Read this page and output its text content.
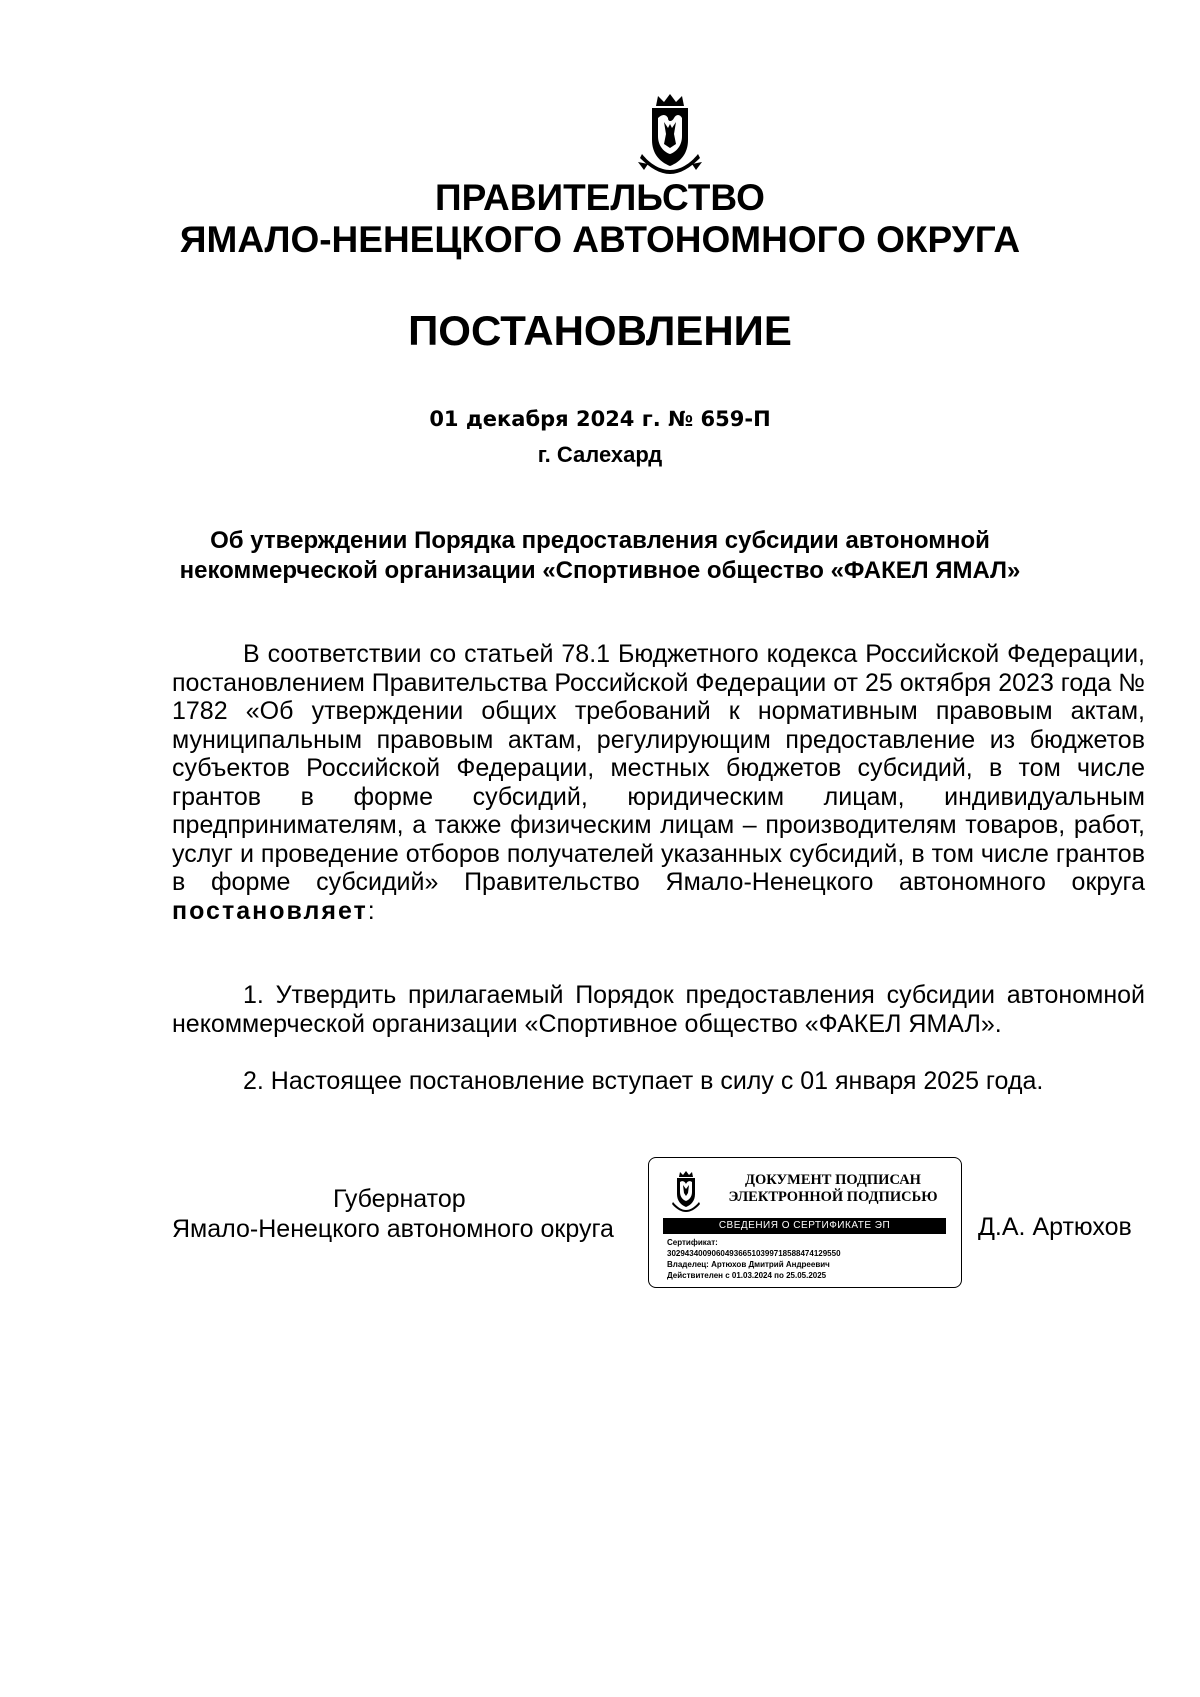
ПРАВИТЕЛЬСТВО
ЯМАЛО-НЕНЕЦКОГО АВТОНОМНОГО ОКРУГА
ПОСТАНОВЛЕНИЕ
01 декабря 2024 г. № 659-П
г. Салехард
Об утверждении Порядка предоставления субсидии автономной
некоммерческой организации «Спортивное общество «ФАКЕЛ ЯМАЛ»
В соответствии со статьей 78.1 Бюджетного кодекса Российской Федерации, постановлением Правительства Российской Федерации от 25 октября 2023 года № 1782 «Об утверждении общих требований к нормативным правовым актам, муниципальным правовым актам, регулирующим предоставление из бюджетов субъектов Российской Федерации, местных бюджетов субсидий, в том числе грантов в форме субсидий, юридическим лицам, индивидуальным предпринимателям, а также физическим лицам – производителям товаров, работ, услуг и проведение отборов получателей указанных субсидий, в том числе грантов в форме субсидий» Правительство Ямало-Ненецкого автономного округа постановляет:
1. Утвердить прилагаемый Порядок предоставления субсидии автономной некоммерческой организации «Спортивное общество «ФАКЕЛ ЯМАЛ».
2. Настоящее постановление вступает в силу с 01 января 2025 года.
Губернатор
Ямало-Ненецкого автономного округа
ДОКУМЕНТ ПОДПИСАН
ЭЛЕКТРОННОЙ ПОДПИСЬЮ
СВЕДЕНИЯ О СЕРТИФИКАТЕ ЭП
Сертификат:
30294340090604936651039971858847412955​0
Владелец: Артюхов Дмитрий Андреевич
Действителен с 01.03.2024 по 25.05.2025
Д.А. Артюхов
